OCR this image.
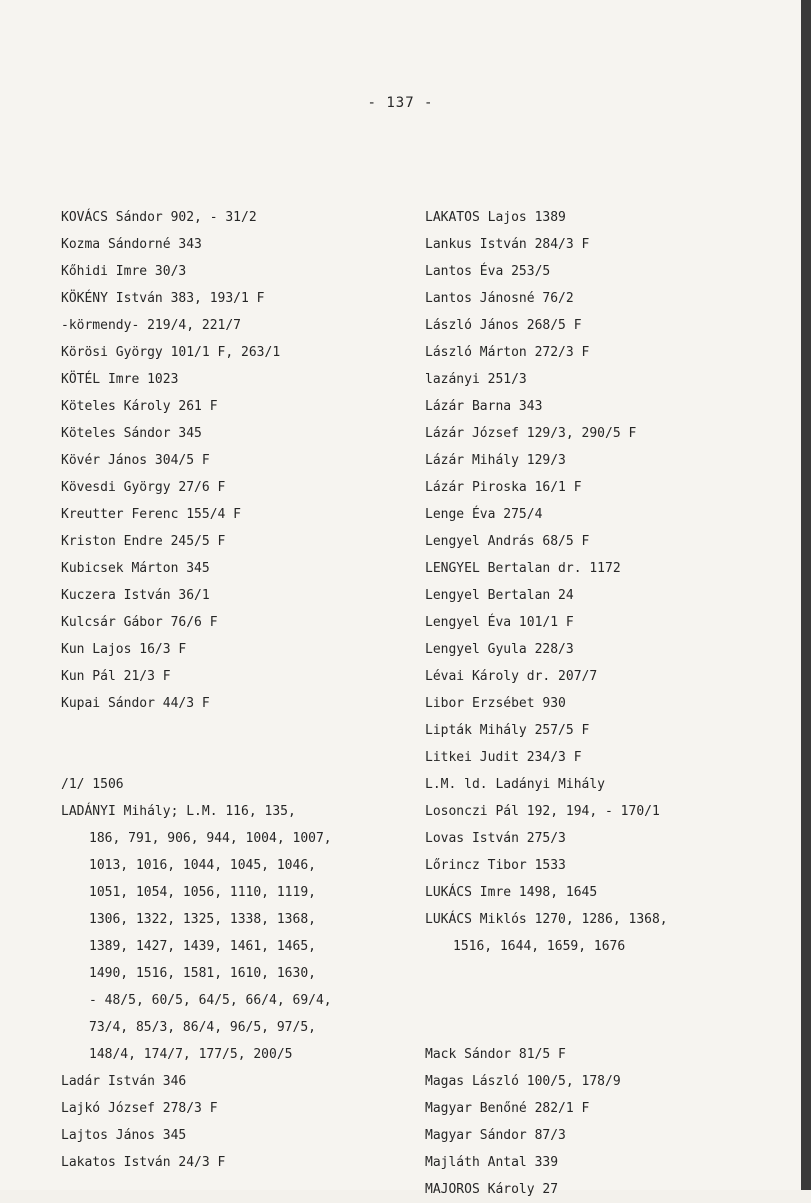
- 137 -
KOVÁCS Sándor 902, - 31/2
Kozma Sándorné 343
Kőhidi Imre 30/3
KÖKÉNY István 383, 193/1 F
-körmendy- 219/4, 221/7
Körösi György 101/1 F, 263/1
KÖTÉL Imre 1023
Köteles Károly 261 F
Köteles Sándor 345
Kövér János 304/5 F
Kövesdi György 27/6 F
Kreutter Ferenc 155/4 F
Kriston Endre 245/5 F
Kubicsek Márton 345
Kuczera István 36/1
Kulcsár Gábor 76/6 F
Kun Lajos 16/3 F
Kun Pál 21/3 F
Kupai Sándor 44/3 F
/1/ 1506
LADÁNYI Mihály; L.M. 116, 135,
186, 791, 906, 944, 1004, 1007,
1013, 1016, 1044, 1045, 1046,
1051, 1054, 1056, 1110, 1119,
1306, 1322, 1325, 1338, 1368,
1389, 1427, 1439, 1461, 1465,
1490, 1516, 1581, 1610, 1630,
- 48/5, 60/5, 64/5, 66/4, 69/4,
73/4, 85/3, 86/4, 96/5, 97/5,
148/4, 174/7, 177/5, 200/5
Ladár István 346
Lajkó József 278/3 F
Lajtos János 345
Lakatos István 24/3 F
LAKATOS Lajos 1389
Lankus István 284/3 F
Lantos Éva 253/5
Lantos Jánosné 76/2
László János 268/5 F
László Márton 272/3 F
lazányi 251/3
Lázár Barna 343
Lázár József 129/3, 290/5 F
Lázár Mihály 129/3
Lázár Piroska 16/1 F
Lenge Éva 275/4
Lengyel András 68/5 F
LENGYEL Bertalan dr. 1172
Lengyel Bertalan 24
Lengyel Éva 101/1 F
Lengyel Gyula 228/3
Lévai Károly dr. 207/7
Libor Erzsébet 930
Lipták Mihály 257/5 F
Litkei Judit 234/3 F
L.M. ld. Ladányi Mihály
Losonczi Pál 192, 194, - 170/1
Lovas István 275/3
Lőrincz Tibor 1533
LUKÁCS Imre 1498, 1645
LUKÁCS Miklós 1270, 1286, 1368,
1516, 1644, 1659, 1676
Mack Sándor 81/5 F
Magas László 100/5, 178/9
Magyar Benőné 282/1 F
Magyar Sándor 87/3
Majláth Antal 339
MAJOROS Károly 27
